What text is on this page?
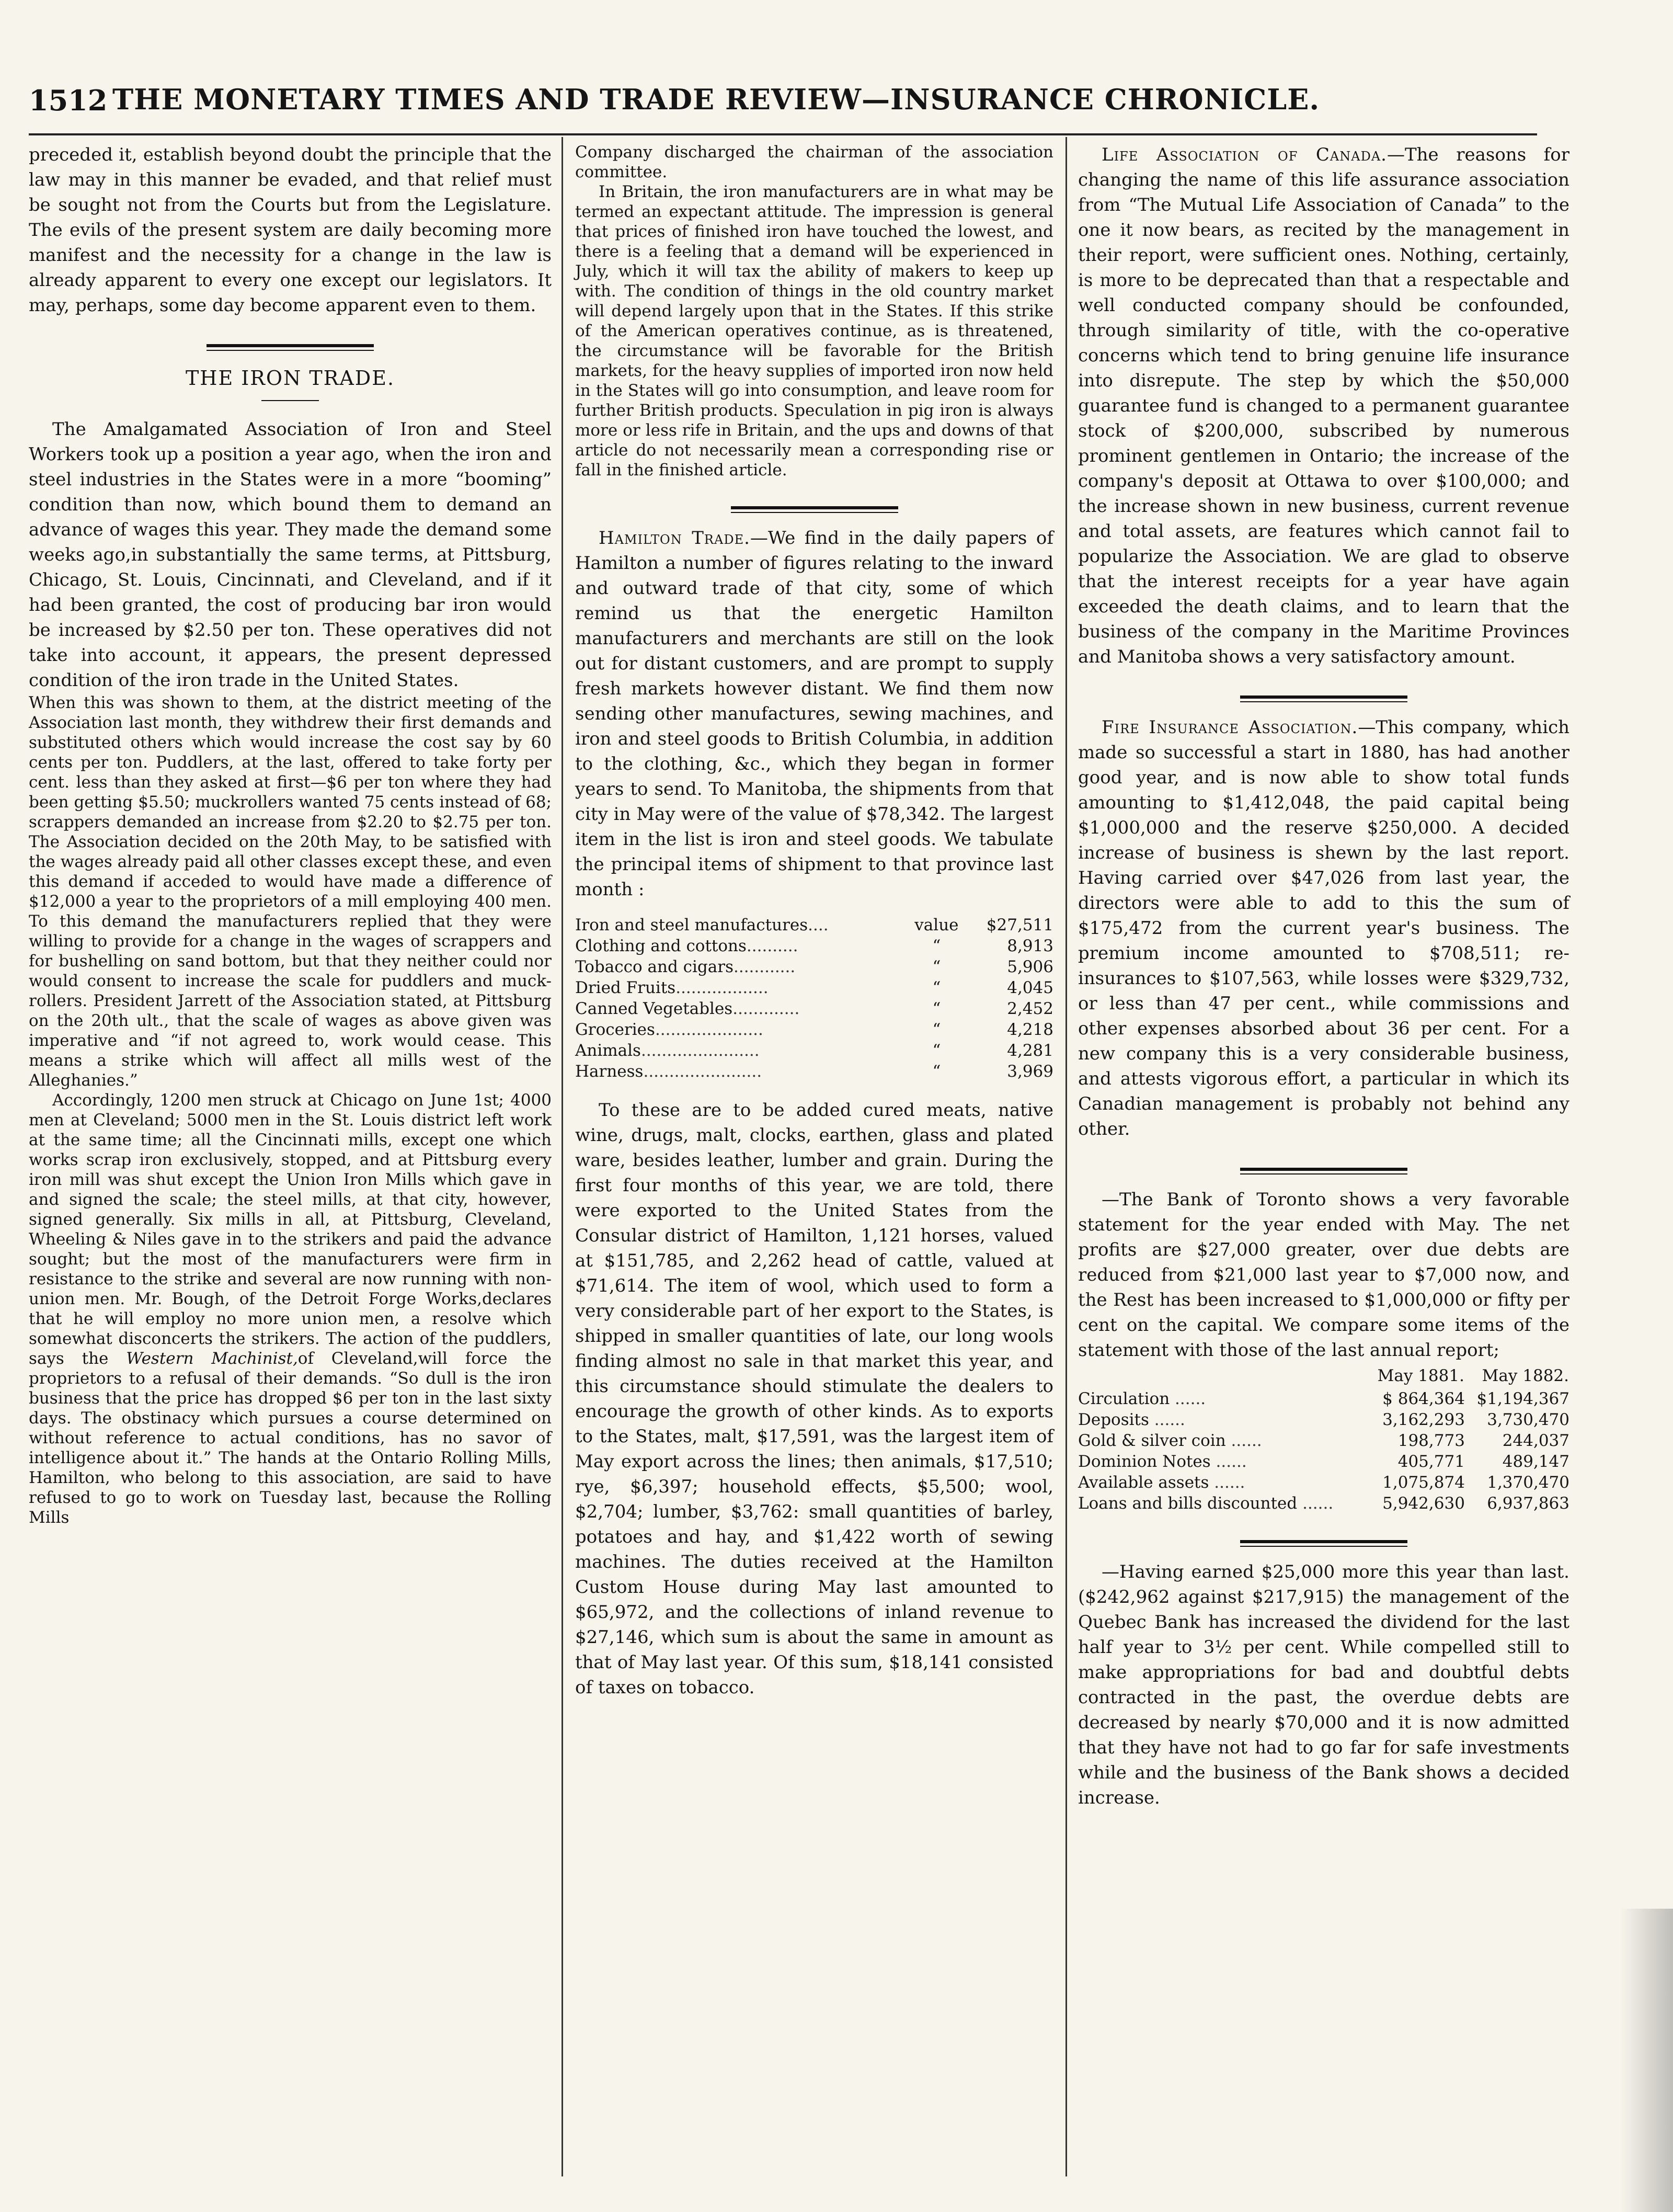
1512 THE MONETARY TIMES AND TRADE REVIEW—INSURANCE CHRONICLE.

preceded it, establish beyond doubt the principle that the law may in this manner be evaded, and that relief must be sought not from the Courts but from the Legislature. The evils of the present system are daily becoming more manifest and the necessity for a change in the law is already apparent to every one except our legislators. It may, perhaps, some day become apparent even to them.

THE IRON TRADE.

The Amalgamated Association of Iron and Steel Workers took up a position a year ago, when the iron and steel industries in the States were in a more “booming” condition than now, which bound them to demand an advance of wages this year. They made the demand some weeks ago,in substantially the same terms, at Pittsburg, Chicago, St. Louis, Cincinnati, and Cleveland, and if it had been granted, the cost of producing bar iron would be increased by $2.50 per ton. These operatives did not take into account, it appears, the present depressed condition of the iron trade in the United States.

When this was shown to them, at the district meeting of the Association last month, they withdrew their first demands and substituted others which would increase the cost say by 60 cents per ton. Puddlers, at the last, offered to take forty per cent. less than they asked at first—$6 per ton where they had been getting $5.50; muckrollers wanted 75 cents instead of 68; scrappers demanded an increase from $2.20 to $2.75 per ton. The Association decided on the 20th May, to be satisfied with the wages already paid all other classes except these, and even this demand if acceded to would have made a difference of $12,000 a year to the proprietors of a mill employing 400 men. To this demand the manufacturers replied that they were willing to provide for a change in the wages of scrappers and for bushelling on sand bottom, but that they neither could nor would consent to increase the scale for puddlers and muck-rollers. President Jarrett of the Association stated, at Pittsburg on the 20th ult., that the scale of wages as above given was imperative and “if not agreed to, work would cease. This means a strike which will affect all mills west of the Alleghanies.”

Accordingly, 1200 men struck at Chicago on June 1st; 4000 men at Cleveland; 5000 men in the St. Louis district left work at the same time; all the Cincinnati mills, except one which works scrap iron exclusively, stopped, and at Pittsburg every iron mill was shut except the Union Iron Mills which gave in and signed the scale; the steel mills, at that city, however, signed generally. Six mills in all, at Pittsburg, Cleveland, Wheeling & Niles gave in to the strikers and paid the advance sought; but the most of the manufacturers were firm in resistance to the strike and several are now running with non-union men. Mr. Bough, of the Detroit Forge Works,declares that he will employ no more union men, a resolve which somewhat disconcerts the strikers. The action of the puddlers, says the Western Machinist,of Cleveland,will force the proprietors to a refusal of their demands. “So dull is the iron business that the price has dropped $6 per ton in the last sixty days. The obstinacy which pursues a course determined on without reference to actual conditions, has no savor of intelligence about it.” The hands at the Ontario Rolling Mills, Hamilton, who belong to this association, are said to have refused to go to work on Tuesday last, because the Rolling Mills

Company discharged the chairman of the association committee.

In Britain, the iron manufacturers are in what may be termed an expectant attitude. The impression is general that prices of finished iron have touched the lowest, and there is a feeling that a demand will be experienced in July, which it will tax the ability of makers to keep up with. The condition of things in the old country market will depend largely upon that in the States. If this strike of the American operatives continue, as is threatened, the circumstance will be favorable for the British markets, for the heavy supplies of imported iron now held in the States will go into consumption, and leave room for further British products. Speculation in pig iron is always more or less rife in Britain, and the ups and downs of that article do not necessarily mean a corresponding rise or fall in the finished article.

Hamilton Trade.—We find in the daily papers of Hamilton a number of figures relating to the inward and outward trade of that city, some of which remind us that the energetic Hamilton manufacturers and merchants are still on the look out for distant customers, and are prompt to supply fresh markets however distant. We find them now sending other manufactures, sewing machines, and iron and steel goods to British Columbia, in addition to the clothing, &c., which they began in former years to send. To Manitoba, the shipments from that city in May were of the value of $78,342. The largest item in the list is iron and steel goods. We tabulate the principal items of shipment to that province last month :

Iron and steel manufactures....	value	$27,511
Clothing and cottons..........	“	8,913
Tobacco and cigars............	“	5,906
Dried Fruits..................	“	4,045
Canned Vegetables.............	“	2,452
Groceries.....................	“	4,218
Animals.......................	“	4,281
Harness.......................	“	3,969

To these are to be added cured meats, native wine, drugs, malt, clocks, earthen, glass and plated ware, besides leather, lumber and grain. During the first four months of this year, we are told, there were exported to the United States from the Consular district of Hamilton, 1,121 horses, valued at $151,785, and 2,262 head of cattle, valued at $71,614. The item of wool, which used to form a very considerable part of her export to the States, is shipped in smaller quantities of late, our long wools finding almost no sale in that market this year, and this circumstance should stimulate the dealers to encourage the growth of other kinds. As to exports to the States, malt, $17,591, was the largest item of May export across the lines; then animals, $17,510; rye, $6,397; household effects, $5,500; wool, $2,704; lumber, $3,762: small quantities of barley, potatoes and hay, and $1,422 worth of sewing machines. The duties received at the Hamilton Custom House during May last amounted to $65,972, and the collections of inland revenue to $27,146, which sum is about the same in amount as that of May last year. Of this sum, $18,141 consisted of taxes on tobacco.

Life Association of Canada.—The reasons for changing the name of this life assurance association from “The Mutual Life Association of Canada” to the one it now bears, as recited by the management in their report, were sufficient ones. Nothing, certainly, is more to be deprecated than that a respectable and well conducted company should be confounded, through similarity of title, with the co-operative concerns which tend to bring genuine life insurance into disrepute. The step by which the $50,000 guarantee fund is changed to a permanent guarantee stock of $200,000, subscribed by numerous prominent gentlemen in Ontario; the increase of the company's deposit at Ottawa to over $100,000; and the increase shown in new business, current revenue and total assets, are features which cannot fail to popularize the Association. We are glad to observe that the interest receipts for a year have again exceeded the death claims, and to learn that the business of the company in the Maritime Provinces and Manitoba shows a very satisfactory amount.

Fire Insurance Association.—This company, which made so successful a start in 1880, has had another good year, and is now able to show total funds amounting to $1,412,048, the paid capital being $1,000,000 and the reserve $250,000. A decided increase of business is shewn by the last report. Having carried over $47,026 from last year, the directors were able to add to this the sum of $175,472 from the current year's business. The premium income amounted to $708,511; re-insurances to $107,563, while losses were $329,732, or less than 47 per cent., while commissions and other expenses absorbed about 36 per cent. For a new company this is a very considerable business, and attests vigorous effort, a particular in which its Canadian management is probably not behind any other.

—The Bank of Toronto shows a very favorable statement for the year ended with May. The net profits are $27,000 greater, over due debts are reduced from $21,000 last year to $7,000 now, and the Rest has been increased to $1,000,000 or fifty per cent on the capital. We compare some items of the statement with those of the last annual report;

	May 1881.	May 1882.
Circulation ......	$ 864,364	$1,194,367
Deposits ......	3,162,293	3,730,470
Gold & silver coin ......	198,773	244,037
Dominion Notes ......	405,771	489,147
Available assets ......	1,075,874	1,370,470
Loans and bills discounted ......	5,942,630	6,937,863

—Having earned $25,000 more this year than last. ($242,962 against $217,915) the management of the Quebec Bank has increased the dividend for the last half year to 3½ per cent. While compelled still to make appropriations for bad and doubtful debts contracted in the past, the overdue debts are decreased by nearly $70,000 and it is now admitted that they have not had to go far for safe investments while and the business of the Bank shows a decided increase.
